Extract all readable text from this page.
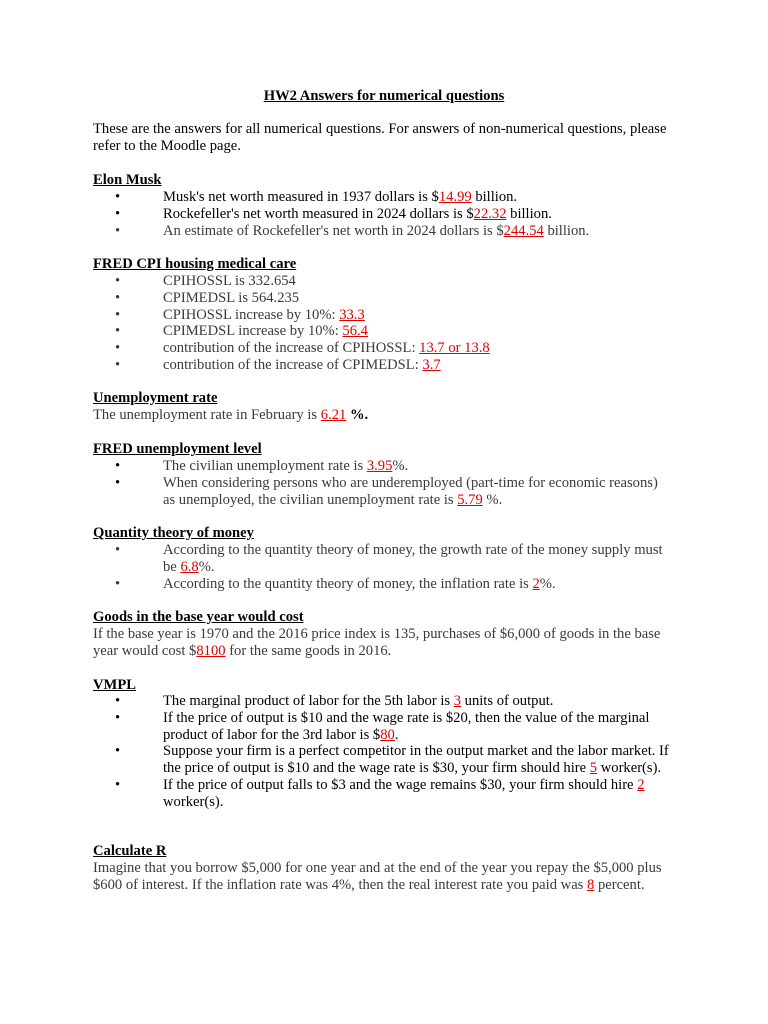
HW2 Answers for numerical questions
These are the answers for all numerical questions. For answers of non-numerical questions, please refer to the Moodle page.
Elon Musk
•	Musk's net worth measured in 1937 dollars is $14.99 billion.
•	Rockefeller's net worth measured in 2024 dollars is $22.32 billion.
•	An estimate of Rockefeller's net worth in 2024 dollars is $244.54 billion.
FRED CPI housing medical care
•	CPIHOSSL is 332.654
•	CPIMEDSL is 564.235
•	CPIHOSSL increase by 10%: 33.3
•	CPIMEDSL increase by 10%: 56.4
•	contribution of the increase of CPIHOSSL: 13.7 or 13.8
•	contribution of the increase of CPIMEDSL: 3.7
Unemployment rate
The unemployment rate in February is 6.21 %.
FRED unemployment level
•	The civilian unemployment rate is 3.95%.
•	When considering persons who are underemployed (part-time for economic reasons) as unemployed, the civilian unemployment rate is 5.79 %.
Quantity theory of money
•	According to the quantity theory of money, the growth rate of the money supply must be 6.8%.
•	According to the quantity theory of money, the inflation rate is 2%.
Goods in the base year would cost
If the base year is 1970 and the 2016 price index is 135, purchases of $6,000 of goods in the base year would cost $8100 for the same goods in 2016.
VMPL
•	The marginal product of labor for the 5th labor is 3 units of output.
•	If the price of output is $10 and the wage rate is $20, then the value of the marginal product of labor for the 3rd labor is $80.
•	Suppose your firm is a perfect competitor in the output market and the labor market. If the price of output is $10 and the wage rate is $30, your firm should hire 5 worker(s).
•	If the price of output falls to $3 and the wage remains $30, your firm should hire 2 worker(s).
Calculate R
Imagine that you borrow $5,000 for one year and at the end of the year you repay the $5,000 plus $600 of interest. If the inflation rate was 4%, then the real interest rate you paid was 8 percent.
